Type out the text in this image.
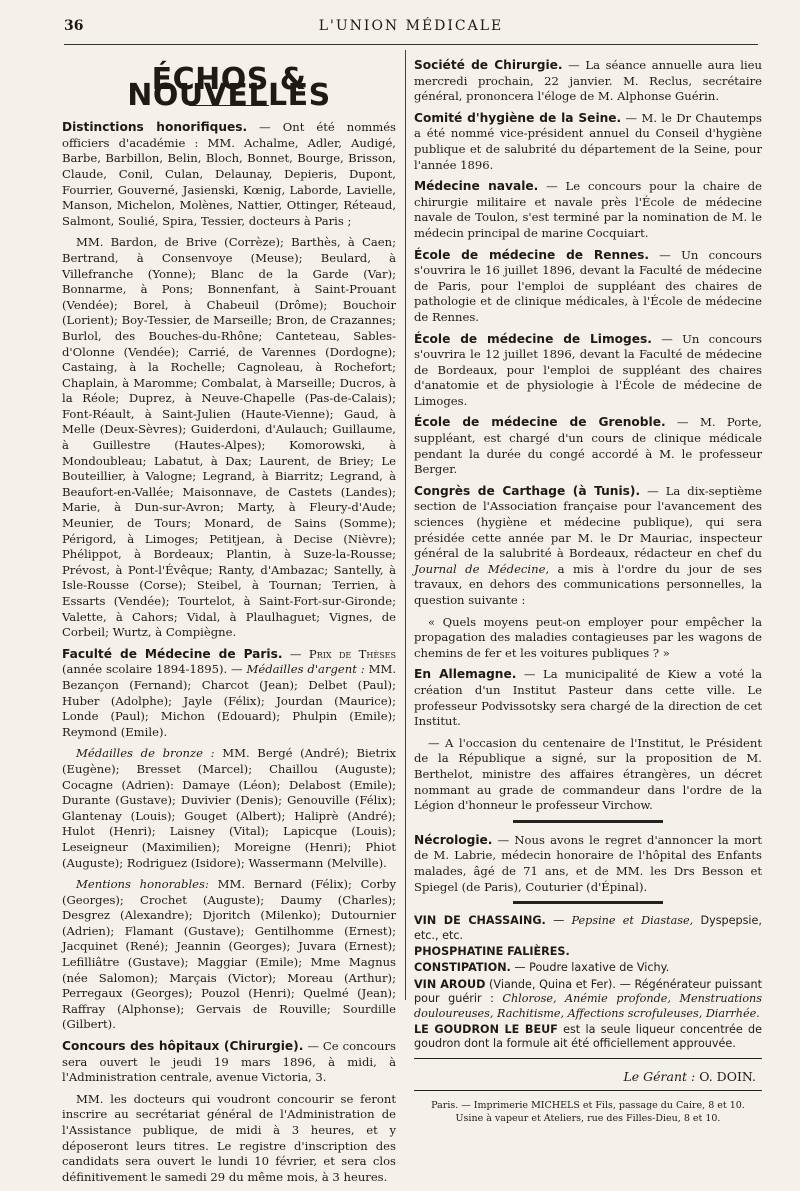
36	L'UNION MÉDICALE
ÉCHOS & NOUVELLES

Distinctions honorifiques. — Ont été nommés officiers d'académie : MM. Achalme, Adler, Audigé, Barbe, Barbillon, Belin, Bloch, Bonnet, Bourge, Brisson, Claude, Conil, Culan, Delaunay, Depieris, Dupont, Fourrier, Gouverné, Jasienski, Kœnig, Laborde, Lavielle, Manson, Michelon, Molènes, Nattier, Ottinger, Réteaud, Salmont, Soulié, Spira, Tessier, docteurs à Paris ;

MM. Bardon, de Brive (Corrèze); Barthès, à Caen; Bertrand, à Consenvoye (Meuse); Beulard, à Villefranche (Yonne); Blanc de la Garde (Var); Bonnarme, à Pons; Bonnenfant, à Saint-Prouant (Vendée); Borel, à Chabeuil (Drôme); Bouchoir (Lorient); Boy-Tessier, de Marseille; Bron, de Crazannes; Burlol, des Bouches-du-Rhône; Canteteau, Sables-d'Olonne (Vendée); Carrié, de Varennes (Dordogne); Castaing, à la Rochelle; Cagnoleau, à Rochefort; Chaplain, à Maromme; Combalat, à Marseille; Ducros, à la Réole; Duprez, à Neuve-Chapelle (Pas-de-Calais); Font-Réault, à Saint-Julien (Haute-Vienne); Gaud, à Melle (Deux-Sèvres); Guiderdoni, d'Aulauch; Guillaume, à Guillestre (Hautes-Alpes); Komorowski, à Mondoubleau; Labatut, à Dax; Laurent, de Briey; Le Bouteillier, à Valogne; Legrand, à Biarritz; Legrand, à Beaufort-en-Vallée; Maisonnave, de Castets (Landes); Marie, à Dun-sur-Avron; Marty, à Fleury-d'Aude; Meunier, de Tours; Monard, de Sains (Somme); Périgord, à Limoges; Petitjean, à Decise (Nièvre); Phélippot, à Bordeaux; Plantin, à Suze-la-Rousse; Prévost, à Pont-l'Évêque; Ranty, d'Ambazac; Santelly, à Isle-Rousse (Corse); Steibel, à Tournan; Terrien, à Essarts (Vendée); Tourtelot, à Saint-Fort-sur-Gironde; Valette, à Cahors; Vidal, à Plaulhaguet; Vignes, de Corbeil; Wurtz, à Compiègne.

Faculté de Médecine de Paris. — Prix de Thèses (année scolaire 1894-1895). — Médailles d'argent : MM. Bezançon (Fernand); Charcot (Jean); Delbet (Paul); Huber (Adolphe); Jayle (Félix); Jourdan (Maurice); Londe (Paul); Michon (Edouard); Phulpin (Emile); Reymond (Emile).

Médailles de bronze : MM. Bergé (André); Bietrix (Eugène); Bresset (Marcel); Chaillou (Auguste); Cocagne (Adrien): Damaye (Léon); Delabost (Emile); Durante (Gustave); Duvivier (Denis); Genouville (Félix); Glantenay (Louis); Gouget (Albert); Haliprè (André); Hulot (Henri); Laisney (Vital); Lapicque (Louis); Leseigneur (Maximilien); Moreigne (Henri); Phiot (Auguste); Rodriguez (Isidore); Wassermann (Melville).

Mentions honorables: MM. Bernard (Félix); Corby (Georges); Crochet (Auguste); Daumy (Charles); Desgrez (Alexandre); Djoritch (Milenko); Dutournier (Adrien); Flamant (Gustave); Gentilhomme (Ernest); Jacquinet (René); Jeannin (Georges); Juvara (Ernest); Lefilliâtre (Gustave); Maggiar (Emile); Mme Magnus (née Salomon); Marçais (Victor); Moreau (Arthur); Perregaux (Georges); Pouzol (Henri); Quelmé (Jean); Raffray (Alphonse); Gervais de Rouville; Sourdille (Gilbert).

Concours des hôpitaux (Chirurgie). — Ce concours sera ouvert le jeudi 19 mars 1896, à midi, à l'Administration centrale, avenue Victoria, 3.

MM. les docteurs qui voudront concourir se feront inscrire au secrétariat général de l'Administration de l'Assistance publique, de midi à 3 heures, et y déposeront leurs titres. Le registre d'inscription des candidats sera ouvert le lundi 10 février, et sera clos définitivement le samedi 29 du même mois, à 3 heures.

Société de Chirurgie. — La séance annuelle aura lieu mercredi prochain, 22 janvier. M. Reclus, secrétaire général, prononcera l'éloge de M. Alphonse Guérin.

Comité d'hygiène de la Seine. — M. le Dr Chautemps a été nommé vice-président annuel du Conseil d'hygiène publique et de salubrité du département de la Seine, pour l'année 1896.

Médecine navale. — Le concours pour la chaire de chirurgie militaire et navale près l'École de médecine navale de Toulon, s'est terminé par la nomination de M. le médecin principal de marine Cocquiart.

École de médecine de Rennes. — Un concours s'ouvrira le 16 juillet 1896, devant la Faculté de médecine de Paris, pour l'emploi de suppléant des chaires de pathologie et de clinique médicales, à l'École de médecine de Rennes.

École de médecine de Limoges. — Un concours s'ouvrira le 12 juillet 1896, devant la Faculté de médecine de Bordeaux, pour l'emploi de suppléant des chaires d'anatomie et de physiologie à l'École de médecine de Limoges.

École de médecine de Grenoble. — M. Porte, suppléant, est chargé d'un cours de clinique médicale pendant la durée du congé accordé à M. le professeur Berger.

Congrès de Carthage (à Tunis). — La dix-septième section de l'Association française pour l'avancement des sciences (hygiène et médecine publique), qui sera présidée cette année par M. le Dr Mauriac, inspecteur général de la salubrité à Bordeaux, rédacteur en chef du Journal de Médecine, a mis à l'ordre du jour de ses travaux, en dehors des communications personnelles, la question suivante :

« Quels moyens peut-on employer pour empêcher la propagation des maladies contagieuses par les wagons de chemins de fer et les voitures publiques ? »

En Allemagne. — La municipalité de Kiew a voté la création d'un Institut Pasteur dans cette ville. Le professeur Podvissotsky sera chargé de la direction de cet Institut.

— A l'occasion du centenaire de l'Institut, le Président de la République a signé, sur la proposition de M. Berthelot, ministre des affaires étrangères, un décret nommant au grade de commandeur dans l'ordre de la Légion d'honneur le professeur Virchow.

Nécrologie. — Nous avons le regret d'annoncer la mort de M. Labrie, médecin honoraire de l'hôpital des Enfants malades, âgé de 71 ans, et de MM. les Drs Besson et Spiegel (de Paris), Couturier (d'Épinal).

VIN DE CHASSAING. — Pepsine et Diastase, Dyspepsie, etc., etc.

PHOSPHATINE FALIÈRES.

CONSTIPATION. — Poudre laxative de Vichy.

VIN AROUD (Viande, Quina et Fer). — Régénérateur puissant pour guérir : Chlorose, Anémie profonde, Menstruations douloureuses, Rachitisme, Affections scrofuleuses, Diarrhée.

LE GOUDRON LE BEUF est la seule liqueur concentrée de goudron dont la formule ait été officiellement approuvée.

Le Gérant : O. DOIN.

Paris. — Imprimerie MICHELS et Fils, passage du Caire, 8 et 10.

Usine à vapeur et Ateliers, rue des Filles-Dieu, 8 et 10.
